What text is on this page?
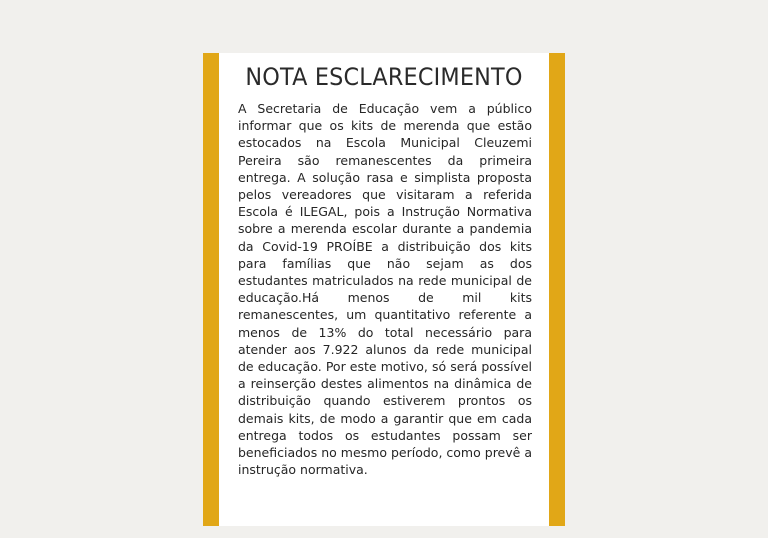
NOTA ESCLARECIMENTO

A Secretaria de Educação vem a público informar que os kits de merenda que estão estocados na Escola Municipal Cleuzemi Pereira são remanescentes da primeira entrega. A solução rasa e simplista proposta pelos vereadores que visitaram a referida Escola é ILEGAL, pois a Instrução Normativa sobre a merenda escolar durante a pandemia da Covid-19 PROÍBE a distribuição dos kits para famílias que não sejam as dos estudantes matriculados na rede municipal de educação.Há menos de mil kits remanescentes, um quantitativo referente a menos de 13% do total necessário para atender aos 7.922 alunos da rede municipal de educação. Por este motivo, só será possível a reinserção destes alimentos na dinâmica de distribuição quando estiverem prontos os demais kits, de modo a garantir que em cada entrega todos os estudantes possam ser beneficiados no mesmo período, como prevê a instrução normativa.
